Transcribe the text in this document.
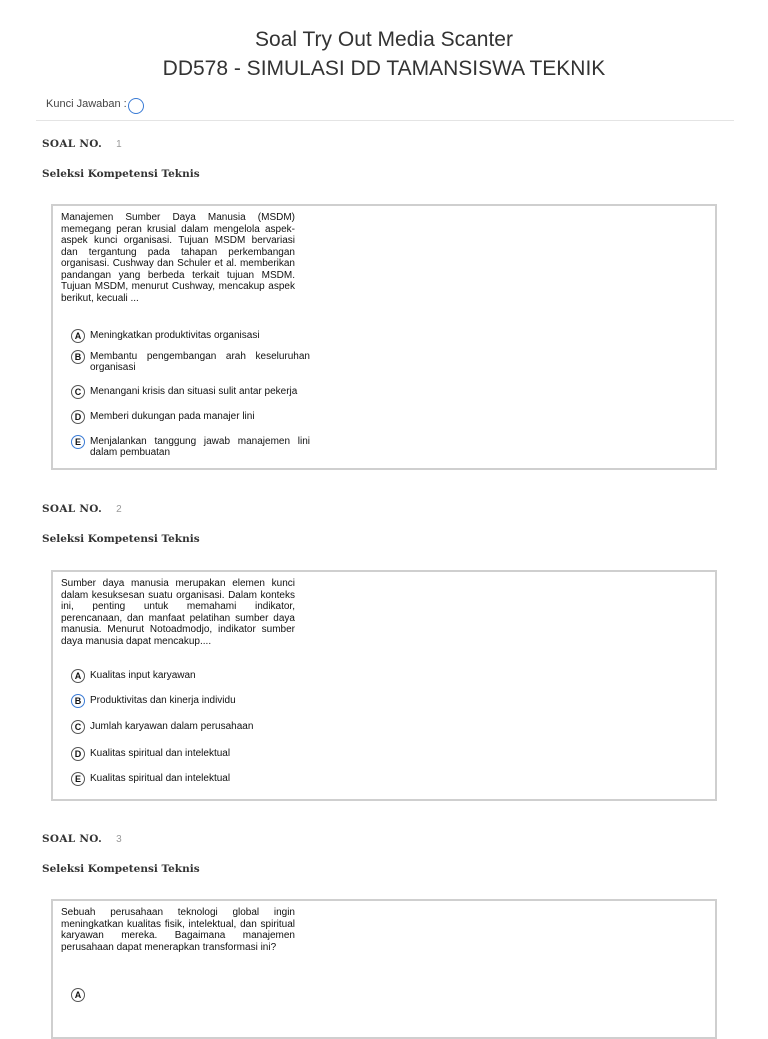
Soal Try Out Media Scanter
DD578 - SIMULASI DD TAMANSISWA TEKNIK
Kunci Jawaban :
SOAL NO. 1
Seleksi Kompetensi Teknis
Manajemen Sumber Daya Manusia (MSDM) memegang peran krusial dalam mengelola aspek-aspek kunci organisasi. Tujuan MSDM bervariasi dan tergantung pada tahapan perkembangan organisasi. Cushway dan Schuler et al. memberikan pandangan yang berbeda terkait tujuan MSDM. Tujuan MSDM, menurut Cushway, mencakup aspek berikut, kecuali ...
A Meningkatkan produktivitas organisasi
B Membantu pengembangan arah keseluruhan organisasi
C Menangani krisis dan situasi sulit antar pekerja
D Memberi dukungan pada manajer lini
E Menjalankan tanggung jawab manajemen lini dalam pembuatan
SOAL NO. 2
Seleksi Kompetensi Teknis
Sumber daya manusia merupakan elemen kunci dalam kesuksesan suatu organisasi. Dalam konteks ini, penting untuk memahami indikator, perencanaan, dan manfaat pelatihan sumber daya manusia. Menurut Notoadmodjo, indikator sumber daya manusia dapat mencakup....
A Kualitas input karyawan
B Produktivitas dan kinerja individu
C Jumlah karyawan dalam perusahaan
D Kualitas spiritual dan intelektual
E Kualitas spiritual dan intelektual
SOAL NO. 3
Seleksi Kompetensi Teknis
Sebuah perusahaan teknologi global ingin meningkatkan kualitas fisik, intelektual, dan spiritual karyawan mereka. Bagaimana manajemen perusahaan dapat menerapkan transformasi ini?
A
